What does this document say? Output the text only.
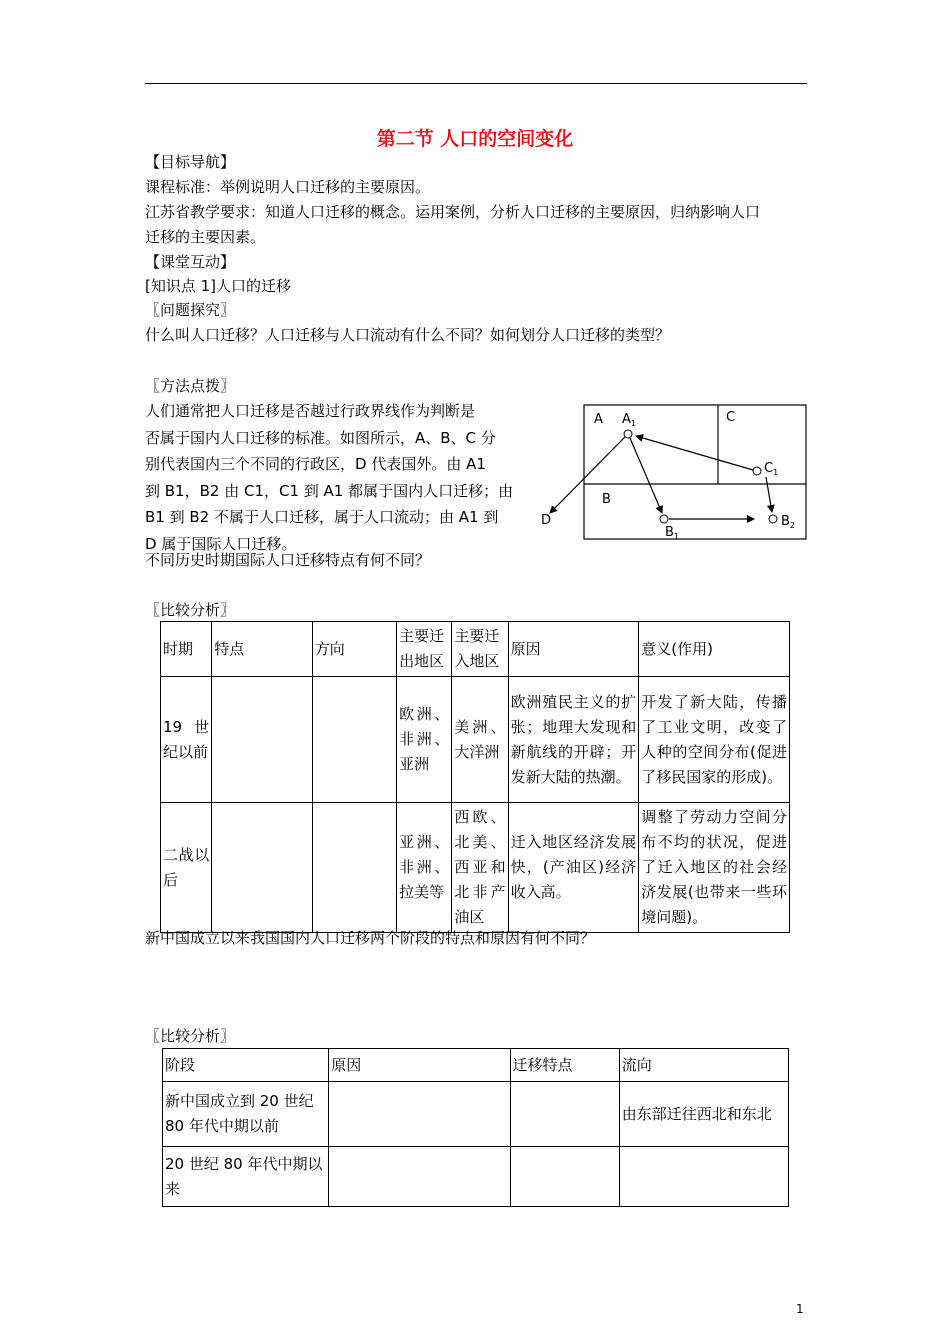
第二节 人口的空间变化
【目标导航】
课程标准：举例说明人口迁移的主要原因。
江苏省教学要求：知道人口迁移的概念。运用案例，分析人口迁移的主要原因，归纳影响人口
迁移的主要因素。
【课堂互动】
[知识点 1]人口的迁移
〖问题探究〗
什么叫人口迁移？人口迁移与人口流动有什么不同？如何划分人口迁移的类型？
〖方法点拨〗
人们通常把人口迁移是否越过行政界线作为判断是
否属于国内人口迁移的标准。如图所示，A、B、C 分
别代表国内三个不同的行政区，D 代表国外。由 A1
到 B1，B2 由 C1，C1 到 A1 都属于国内人口迁移；由
B1 到 B2 不属于人口迁移，属于人口流动；由 A1 到
D 属于国际人口迁移。
A	C
B
D
$A_1$
$C_1$
$B_1$
$B_2$
不同历史时期国际人口迁移特点有何不同？
〖比较分析〗
时期	特点	方向	主要迁出地区	主要迁入地区	原因	意义(作用)
19 世纪以前			欧洲、非洲、亚洲	美洲、大洋洲	欧洲殖民主义的扩张；地理大发现和新航线的开辟；开发新大陆的热潮。	开发了新大陆，传播了工业文明，改变了人种的空间分布(促进了移民国家的形成)。
二战以后			亚洲、非洲、拉美等	西欧、北美、西亚和北非产油区	迁入地区经济发展快，(产油区)经济收入高。	调整了劳动力空间分布不均的状况，促进了迁入地区的社会经济发展(也带来一些环境问题)。
新中国成立以来我国国内人口迁移两个阶段的特点和原因有何不同？
〖比较分析〗
阶段	原因	迁移特点	流向
新中国成立到 20 世纪 80 年代中期以前			由东部迁往西北和东北
20 世纪 80 年代中期以来			
1
